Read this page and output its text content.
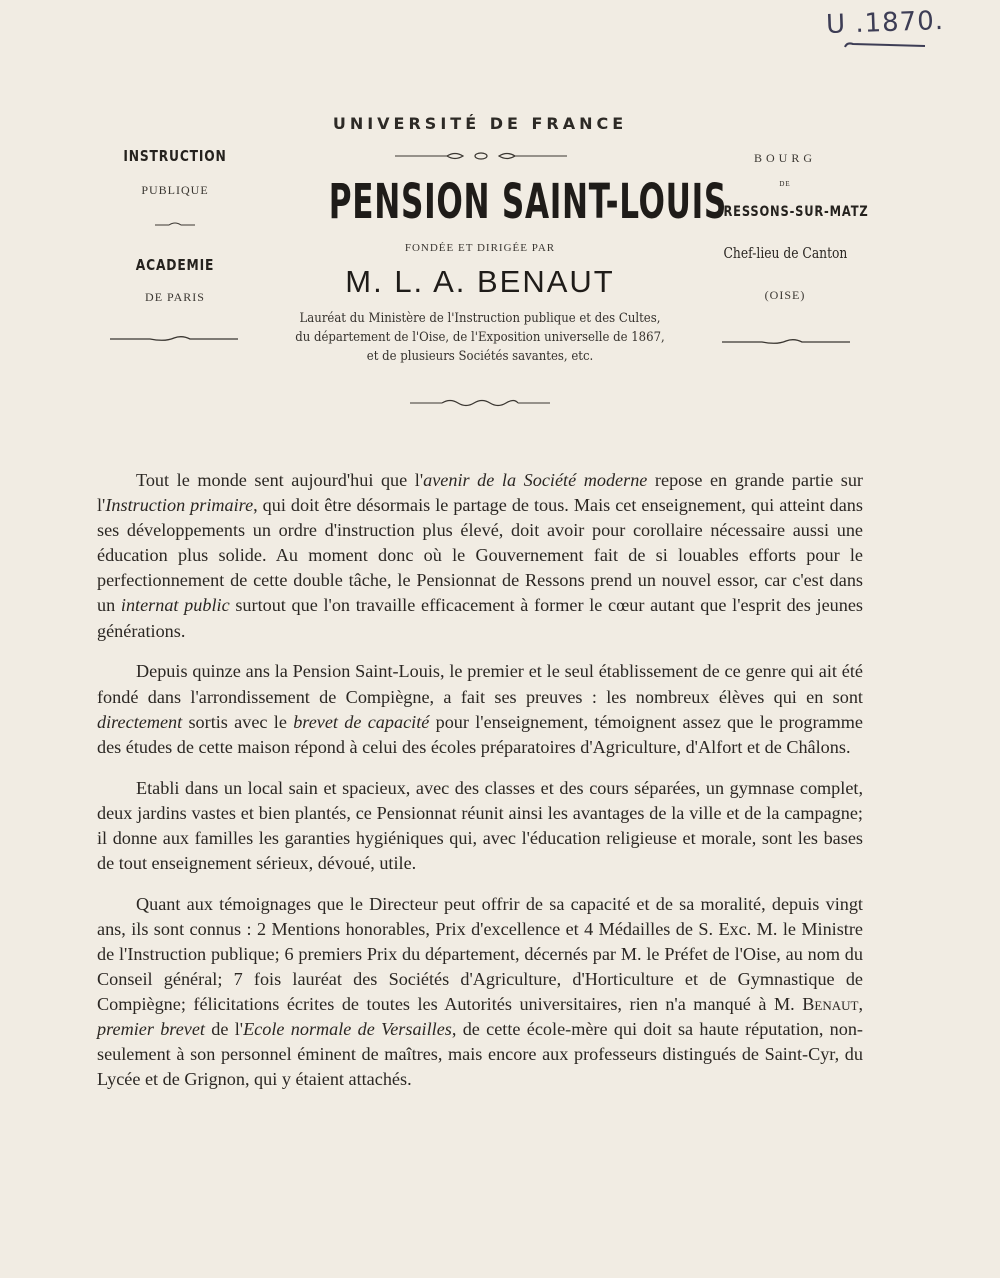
U .1870.
UNIVERSITÉ DE FRANCE
PENSION SAINT-LOUIS
FONDÉE ET DIRIGÉE PAR
M. L. A. BENAUT
Lauréat du Ministère de l'Instruction publique et des Cultes,
du département de l'Oise, de l'Exposition universelle de 1867,
et de plusieurs Sociétés savantes, etc.
INSTRUCTION
PUBLIQUE
ACADEMIE
DE PARIS
BOURG
DE
RESSONS-SUR-MATZ
Chef-lieu de Canton
(OISE)

Tout le monde sent aujourd'hui que l'avenir de la Société moderne repose en grande partie sur l'Instruction primaire, qui doit être désormais le partage de tous. Mais cet enseignement, qui atteint dans ses développements un ordre d'instruction plus élevé, doit avoir pour corollaire nécessaire aussi une éducation plus solide. Au moment donc où le Gouvernement fait de si louables efforts pour le perfectionnement de cette double tâche, le Pensionnat de Ressons prend un nouvel essor, car c'est dans un internat public surtout que l'on travaille efficacement à former le cœur autant que l'esprit des jeunes générations.

Depuis quinze ans la Pension Saint-Louis, le premier et le seul établissement de ce genre qui ait été fondé dans l'arrondissement de Compiègne, a fait ses preuves : les nombreux élèves qui en sont directement sortis avec le brevet de capacité pour l'enseignement, témoignent assez que le programme des études de cette maison répond à celui des écoles préparatoires d'Agriculture, d'Alfort et de Châlons.

Etabli dans un local sain et spacieux, avec des classes et des cours séparées, un gymnase complet, deux jardins vastes et bien plantés, ce Pensionnat réunit ainsi les avantages de la ville et de la campagne; il donne aux familles les garanties hygiéniques qui, avec l'éducation religieuse et morale, sont les bases de tout enseignement sérieux, dévoué, utile.

Quant aux témoignages que le Directeur peut offrir de sa capacité et de sa moralité, depuis vingt ans, ils sont connus : 2 Mentions honorables, Prix d'excellence et 4 Médailles de S. Exc. M. le Ministre de l'Instruction publique; 6 premiers Prix du département, décernés par M. le Préfet de l'Oise, au nom du Conseil général; 7 fois lauréat des Sociétés d'Agriculture, d'Horticulture et de Gymnastique de Compiègne; félicitations écrites de toutes les Autorités universitaires, rien n'a manqué à M. Benaut, premier brevet de l'Ecole normale de Versailles, de cette école-mère qui doit sa haute réputation, non-seulement à son personnel éminent de maîtres, mais encore aux professeurs distingués de Saint-Cyr, du Lycée et de Grignon, qui y étaient attachés.
